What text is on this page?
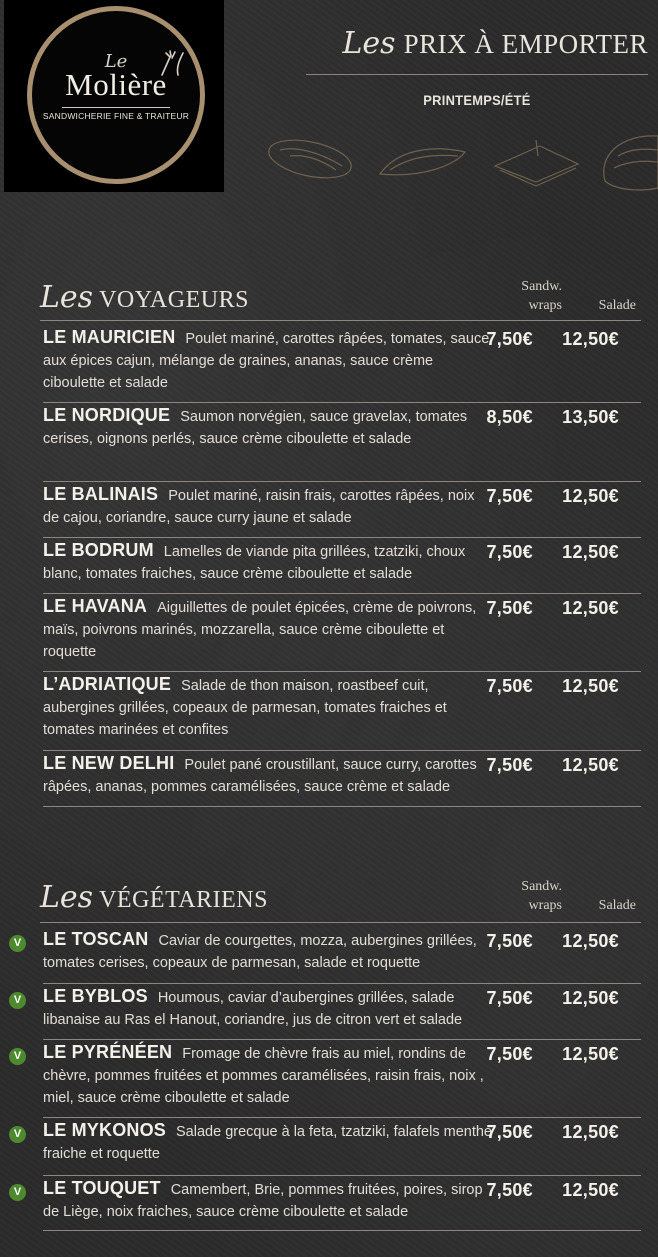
Le
Molière
SANDWICHERIE FINE & TRAITEUR
Les PRIX À EMPORTER
PRINTEMPS/ÉTÉ
Les VOYAGEURS
Sandw.
wraps	Salade
LE MAURICIEN Poulet mariné, carottes râpées, tomates, sauce aux épices cajun, mélange de graines, ananas, sauce crème ciboulette et salade
7,50€ 12,50€
LE NORDIQUE Saumon norvégien, sauce gravelax, tomates cerises, oignons perlés, sauce crème ciboulette et salade
8,50€ 13,50€
LE BALINAIS Poulet mariné, raisin frais, carottes râpées, noix de cajou, coriandre, sauce curry jaune et salade
7,50€ 12,50€
LE BODRUM Lamelles de viande pita grillées, tzatziki, choux blanc, tomates fraiches, sauce crème ciboulette et salade
7,50€ 12,50€
LE HAVANA Aiguillettes de poulet épicées, crème de poivrons, maïs, poivrons marinés, mozzarella, sauce crème ciboulette et roquette
7,50€ 12,50€
L’ADRIATIQUE Salade de thon maison, roastbeef cuit, aubergines grillées, copeaux de parmesan, tomates fraiches et tomates marinées et confites
7,50€ 12,50€
LE NEW DELHI Poulet pané croustillant, sauce curry, carottes râpées, ananas, pommes caramélisées, sauce crème et salade
7,50€ 12,50€
Les VÉGÉTARIENS
Sandw.
wraps	Salade
LE TOSCAN Caviar de courgettes, mozza, aubergines grillées, tomates cerises, copeaux de parmesan, salade et roquette
7,50€ 12,50€
V
LE BYBLOS Houmous, caviar d’aubergines grillées, salade libanaise au Ras el Hanout, coriandre, jus de citron vert et salade
7,50€ 12,50€
V
LE PYRÉNÉEN Fromage de chèvre frais au miel, rondins de chèvre, pommes fruitées et pommes caramélisées, raisin frais, noix , miel, sauce crème ciboulette et salade
7,50€ 12,50€
V
LE MYKONOS Salade grecque à la feta, tzatziki, falafels menthe fraiche et roquette
7,50€ 12,50€
V
LE TOUQUET Camembert, Brie, pommes fruitées, poires, sirop de Liège, noix fraiches, sauce crème ciboulette et salade
7,50€ 12,50€
V
